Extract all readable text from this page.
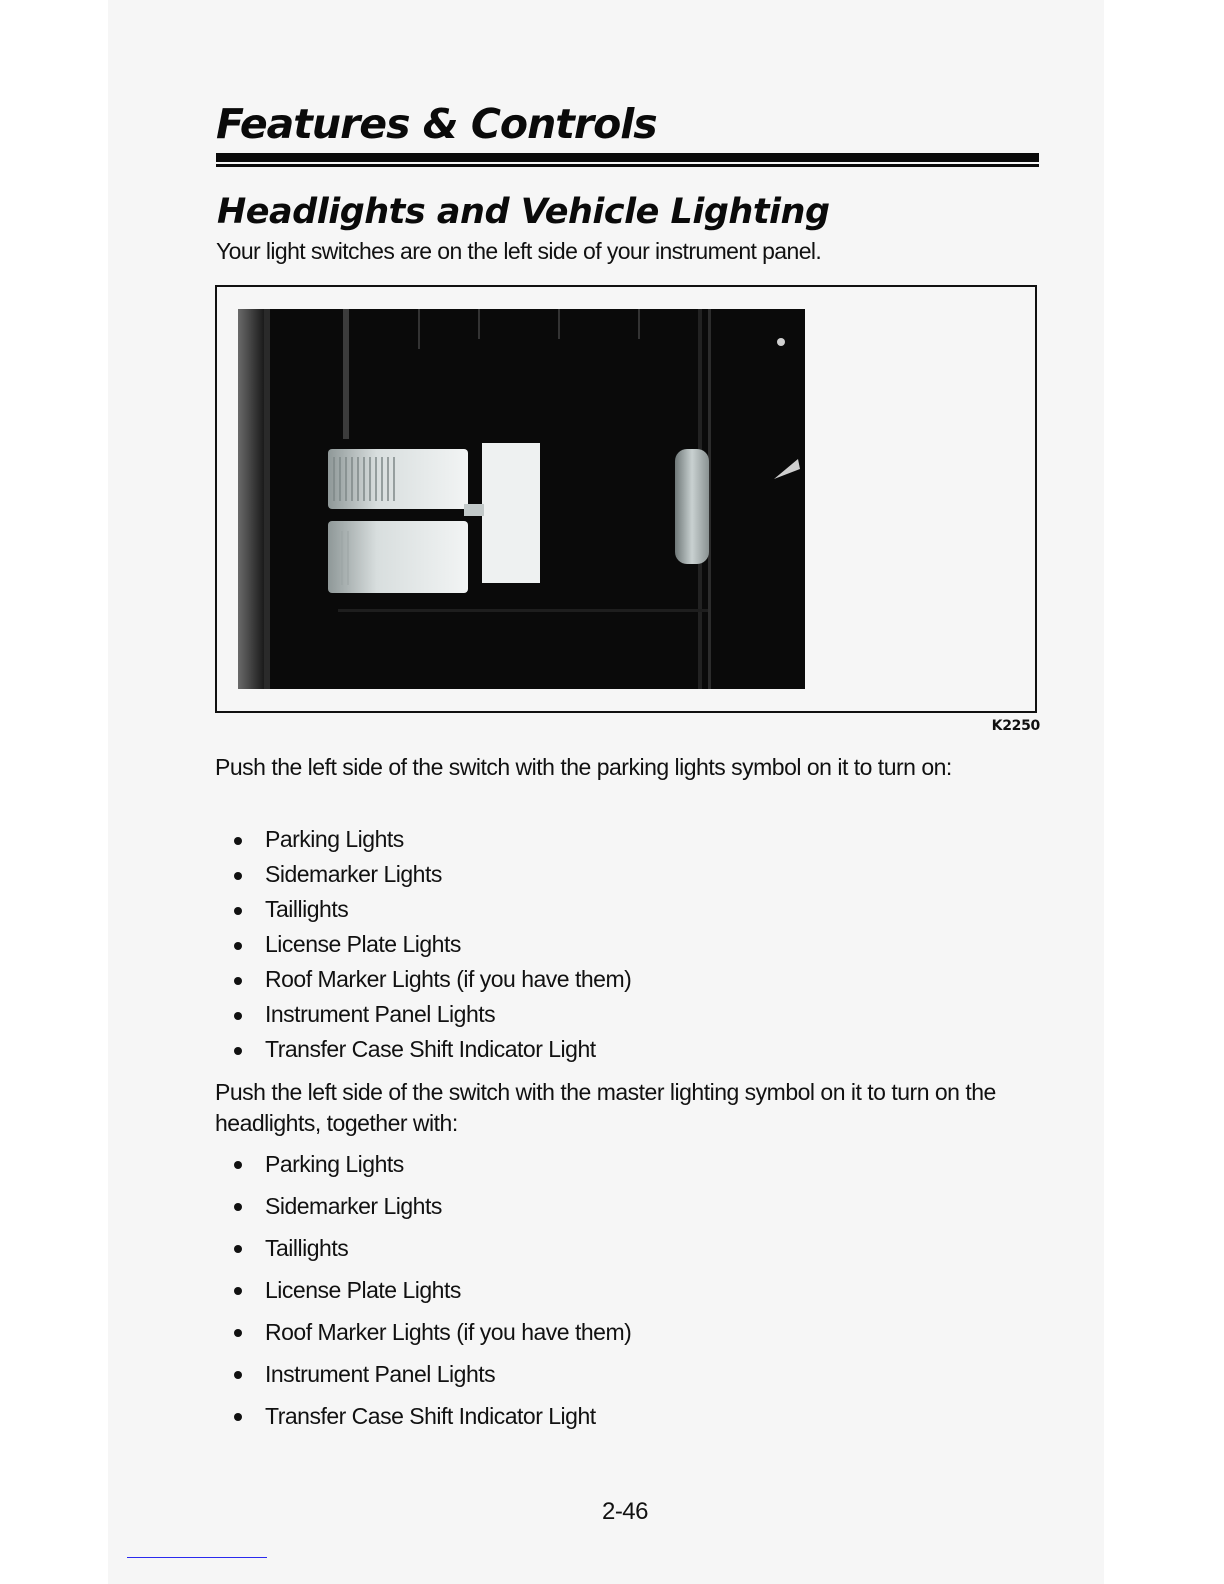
Features & Controls
Headlights and Vehicle Lighting

Your light switches are on the left side of your instrument panel.

K2250

Push the left side of the switch with the parking lights symbol on it to turn on:

Parking Lights
Sidemarker Lights
Taillights
License Plate Lights
Roof Marker Lights (if you have them)
Instrument Panel Lights
Transfer Case Shift Indicator Light

Push the left side of the switch with the master lighting symbol on it to turn on the headlights, together with:

Parking Lights
Sidemarker Lights
Taillights
License Plate Lights
Roof Marker Lights (if you have them)
Instrument Panel Lights
Transfer Case Shift Indicator Light
2-46
